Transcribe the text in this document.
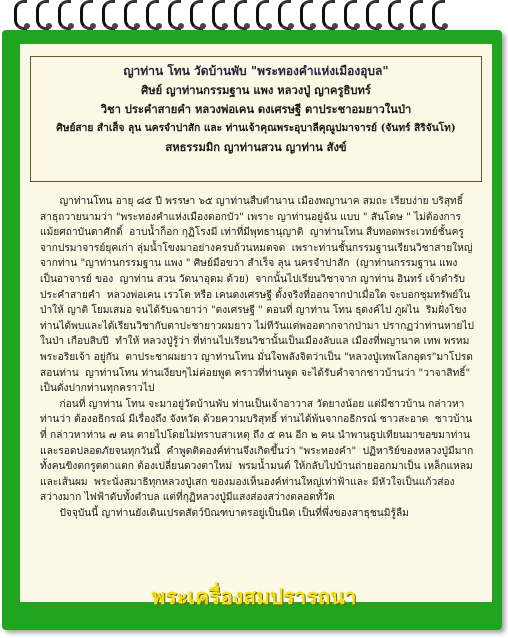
ญาท่าน โทน วัดบ้านพับ "พระทองคำแห่งเมืองอุบล"
ศิษย์ ญาท่านกรรมฐาน แพง หลวงปู่ ญาครูธิบทร์
วิชา ประคำสายคำ หลวงพ่อเคน ดงเศรษฐี ตาประชาอมยาวในป่า
ศิษย์สาย สำเส็จ ลุน นครจำปาสัก และ ท่านเจ้าคุณพระอุบาลีคุณูปมาจารย์ (จันทร์ สิริจันโท)
สหธรรมมิก ญาท่านสวน ญาท่าน สังข์

ญาท่านโทน อายุ ๘๕ ปี พรรษา ๖๕ ญาท่านสืบตำนาน เมืองพญานาค สมถะ เรียบง่าย บริสุทธิ์ สาธุถวายนามว่า "พระทองคำแห่งเมืองดอกบัว" เพราะ ญาท่านอยู่ฉัน แบบ " สันโดษ " ไม่ต้องการแม้ยศถาบันดาศักดิ์  อาบน้ำก็อก กุฏิโรงมี เท่าที่มีพุทธานุญาติ  ญาท่านโทน สืบทอดพระเวทย์ชั้นครูจากปรมาจารย์ยุคเก่า ลุ่มน้ำโขงมาอย่างครบถ้วนหมดจด  เพราะท่านชั้นกรรมฐานเรียนวิชาสายใหญ่ จากท่าน "ญาท่านกรรมฐาน แพง " ศิษย์มือขวา สำเร็จ ลุน นครจำปาสัก  (ญาท่านกรรมฐาน แพง เป็นอาจารย์ ของ  ญาท่าน สวน วัดนาอุดม ด้วย)  จากนั้นไปเรียนวิชาจาก ญาท่าน อินทร์ เจ้าตำรับ ประคำสายคำ  หลวงพ่อเคน เรวโต หรือ เคนดงเศรษฐี ตั้งจริงที่ออกจากป่าเมื่อใด จะบอกชุมทรัพย์ในป่าให้ ญาติ โยมเสมอ จนได้รับฉายาว่า "ดงเศรษฐี " ตอนที่ ญาท่าน โทน ธุดงค์ไป ภูผไน  ริมฝั่งโขง ท่านได้พบและได้เรียนวิชากับตาปะชายาวผมยาว ไม่ทีวันแต่พออตากจากป่ามา ปรากฏว่าท่านหายไปในป่า เกือบสิบปี  ทำให้ หลวงปู่รู้ว่า ที่ท่านไปเรียนวิชานั้นเป็นเมืองลับแล เมืองที่พญานาค เทพ พรหม พระอริยเจ้า อยู่กัน  ตาประชาผมยาว ญาท่านโทน มั่นใจพลังจิตว่าเป็น "หลวงปู่เทพโลกอุดร"มาโปรดสอนท่าน  ญาท่านโทน ท่านเงียบๆไม่ค่อยพูด คราวที่ท่านพูด จะได้รับคำจากชาวบ้านว่า "วาจาสิทธิ์" เป็นดั่งปากท่านทุกคราวไป

ก่อนที่ ญาท่าน โทน จะมาอยู่วัดบ้านพับ ท่านเป็นเจ้าอาวาส วัดยางน้อย แต่มีชาวบ้าน กล่าวหาท่านว่า ต้องอธิกรณ์ มีเรื่องถึง จังหวัด ด้วยความบริสุทธิ์ ท่านได้พ้นจากอธิกรณ์ ชาวสะอาด  ชาวบ้านที่ กล่าวหาท่าน ๗ คน ตายไปโดยไม่ทราบสาเหตุ ถึง ๕ คน อีก ๒ คน นำพานธูปเทียนมาขอขมาท่าน  และรอดปลอดภัยจนทุกวันนี้  คำพูดติดองค์ท่านจึงเกิดขึ้นว่า "พระทองคำ"  ปฏิหาริย์ของหลวงปู่มีมาก ทั้งคนขิงตกรูตตาแตก ต้องเปลี่ยนดวงตาใหม่  พรมน้ำมนต์ ให้กลับไปบ้านถ่ายออกมาเป็น เหล็กแหลมและเส้นผม  พระนั่งสมาธิทุกหลวงปู่เสก ของมองเห็นองค์ท่านใหญ่เท่าฟ้าและ มีหัวใจเป็นแก้วส่องสว่างมาก ไฟฟ้าดับทั้งตำบล แต่ที่กุฏิหลวงปู่มีแสงส่องสว่างตลอดทั้วัด

ปัจจุบันนี้ ญาท่านยังเดินเปรดสัตว์บิณฑบาตรอยู่เป็นนิด เป็นที่พึ่งของสาธุชนมิรู้ลืม

พระเครื่องสมปรารถนา
